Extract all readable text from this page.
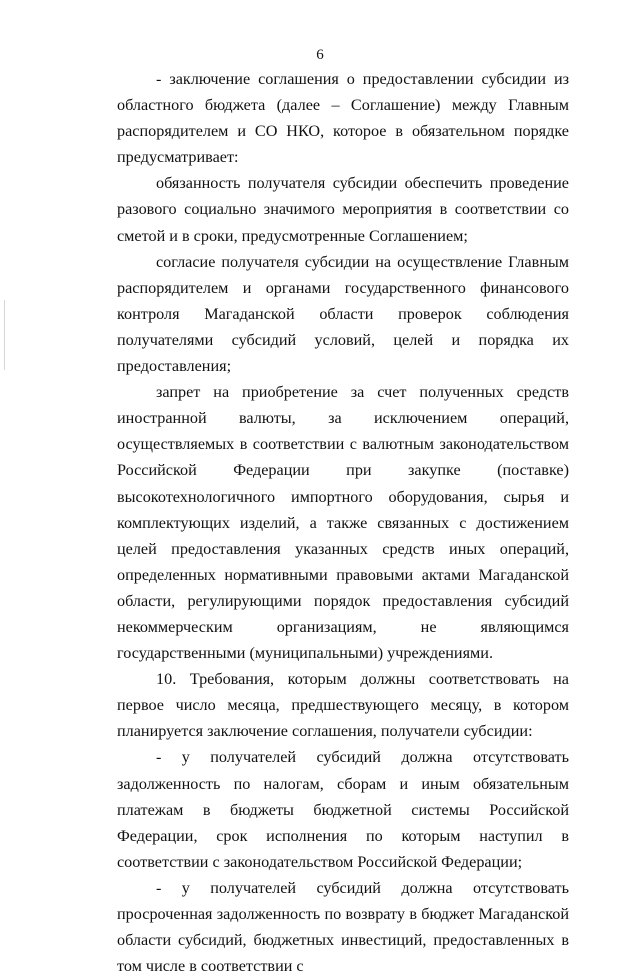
6

- заключение соглашения о предоставлении субсидии из областного бюджета (далее – Соглашение) между Главным распорядителем и СО НКО, которое в обязательном порядке предусматривает:

обязанность получателя субсидии обеспечить проведение разового социально значимого мероприятия в соответствии со сметой и в сроки, предусмотренные Соглашением;

согласие получателя субсидии на осуществление Главным распорядителем и органами государственного финансового контроля Магаданской области проверок соблюдения получателями субсидий условий, целей и порядка их предоставления;

запрет на приобретение за счет полученных средств иностранной валюты, за исключением операций, осуществляемых в соответствии с валютным законодательством Российской Федерации при закупке (поставке) высокотехнологичного импортного оборудования, сырья и комплектующих изделий, а также связанных с достижением целей предоставления указанных средств иных операций, определенных нормативными правовыми актами Магаданской области, регулирующими порядок предоставления субсидий некоммерческим организациям, не являющимся государственными (муниципальными) учреждениями.

10. Требования, которым должны соответствовать на первое число месяца, предшествующего месяцу, в котором планируется заключение соглашения, получатели субсидии:

- у получателей субсидий должна отсутствовать задолженность по налогам, сборам и иным обязательным платежам в бюджеты бюджетной системы Российской Федерации, срок исполнения по которым наступил в соответствии с законодательством Российской Федерации;

- у получателей субсидий должна отсутствовать просроченная задолженность по возврату в бюджет Магаданской области субсидий, бюджетных инвестиций, предоставленных в том числе в соответствии с
